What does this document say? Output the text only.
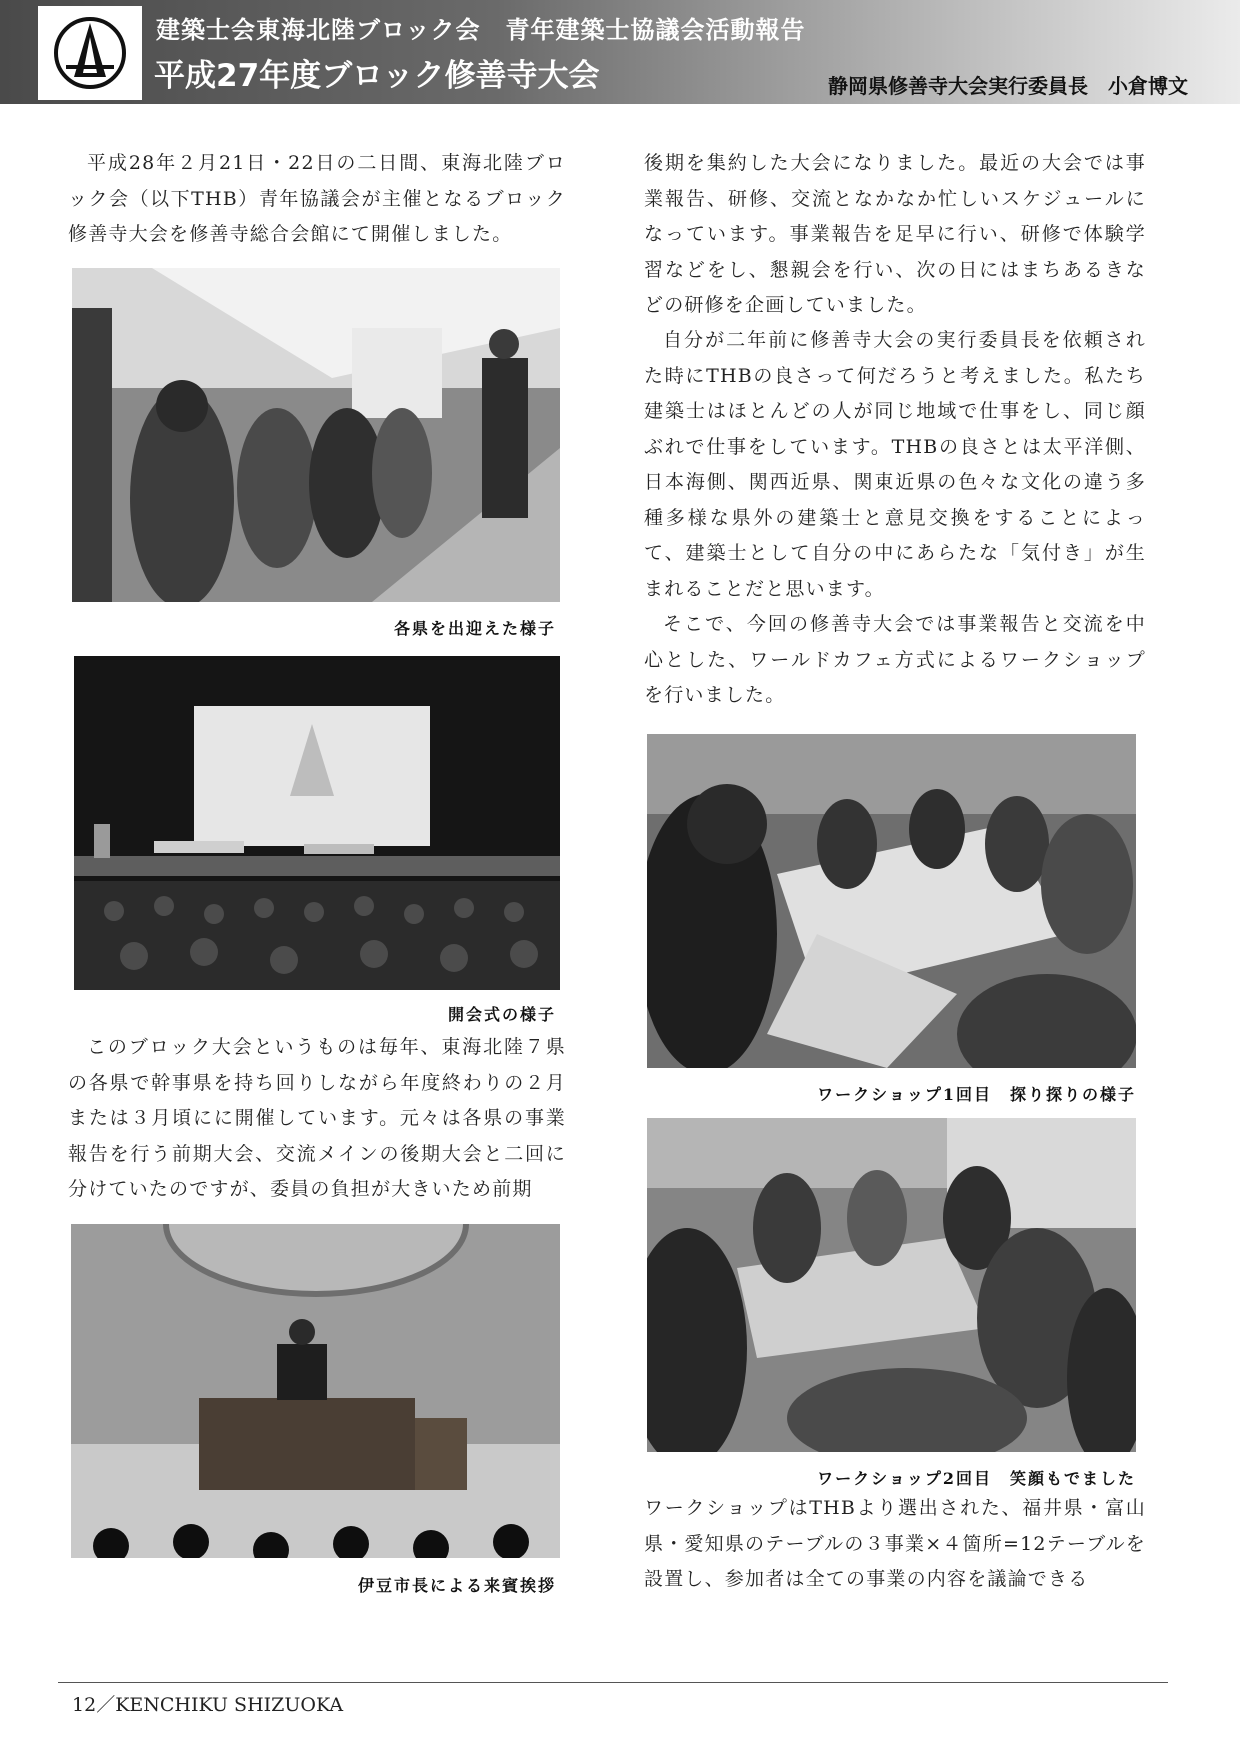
建築士会東海北陸ブロック会　青年建築士協議会活動報告
平成27年度ブロック修善寺大会	静岡県修善寺大会実行委員長　小倉博文

平成28年２月21日・22日の二日間、東海北陸ブロック会（以下THB）青年協議会が主催となるブロック修善寺大会を修善寺総合会館にて開催しました。

各県を出迎えた様子

開会式の様子

このブロック大会というものは毎年、東海北陸７県の各県で幹事県を持ち回りしながら年度終わりの２月または３月頃にに開催しています。元々は各県の事業報告を行う前期大会、交流メインの後期大会と二回に分けていたのですが、委員の負担が大きいため前期

伊豆市長による来賓挨拶

後期を集約した大会になりました。最近の大会では事業報告、研修、交流となかなか忙しいスケジュールになっています。事業報告を足早に行い、研修で体験学習などをし、懇親会を行い、次の日にはまちあるきなどの研修を企画していました。

自分が二年前に修善寺大会の実行委員長を依頼された時にTHBの良さって何だろうと考えました。私たち建築士はほとんどの人が同じ地域で仕事をし、同じ顔ぶれで仕事をしています。THBの良さとは太平洋側、日本海側、関西近県、関東近県の色々な文化の違う多種多様な県外の建築士と意見交換をすることによって、建築士として自分の中にあらたな「気付き」が生まれることだと思います。

そこで、今回の修善寺大会では事業報告と交流を中心とした、ワールドカフェ方式によるワークショップを行いました。

ワークショップ1回目　探り探りの様子

ワークショップ2回目　笑顔もでました

ワークショップはTHBより選出された、福井県・富山県・愛知県のテーブルの３事業×４箇所=12テーブルを設置し、参加者は全ての事業の内容を議論できる

12／KENCHIKU SHIZUOKA
